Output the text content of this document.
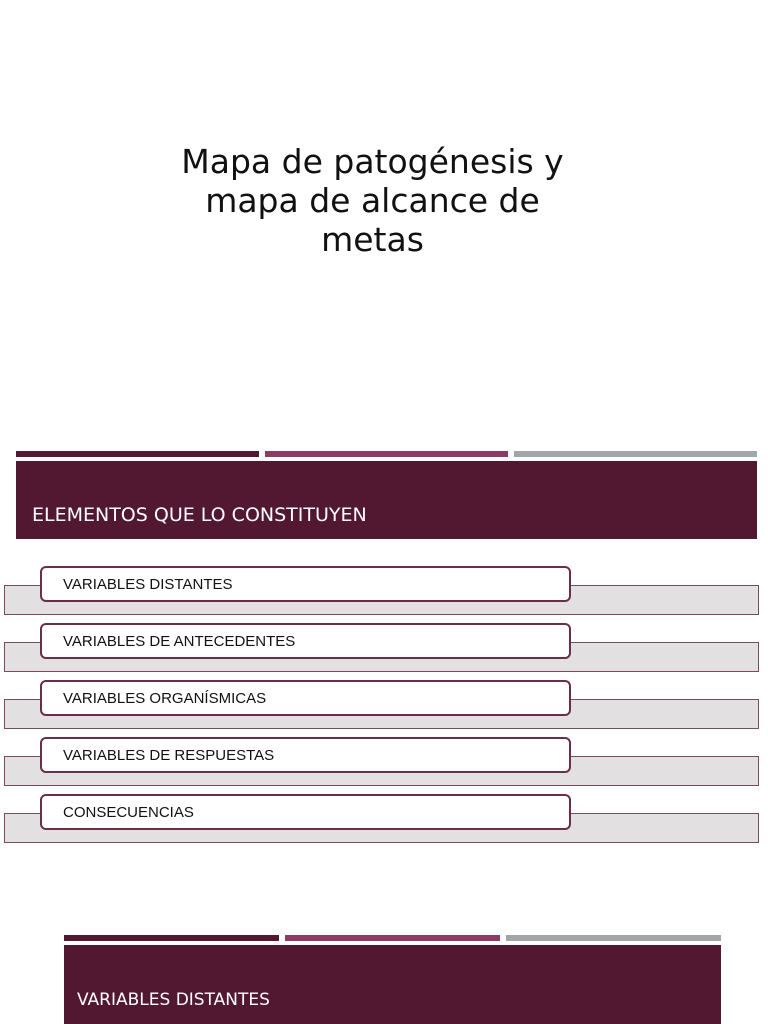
Mapa de patogénesis y
mapa de alcance de
metas
ELEMENTOS QUE LO CONSTITUYEN
VARIABLES DISTANTES
VARIABLES DE ANTECEDENTES
VARIABLES ORGANÍSMICAS
VARIABLES DE RESPUESTAS
CONSECUENCIAS
VARIABLES DISTANTES
